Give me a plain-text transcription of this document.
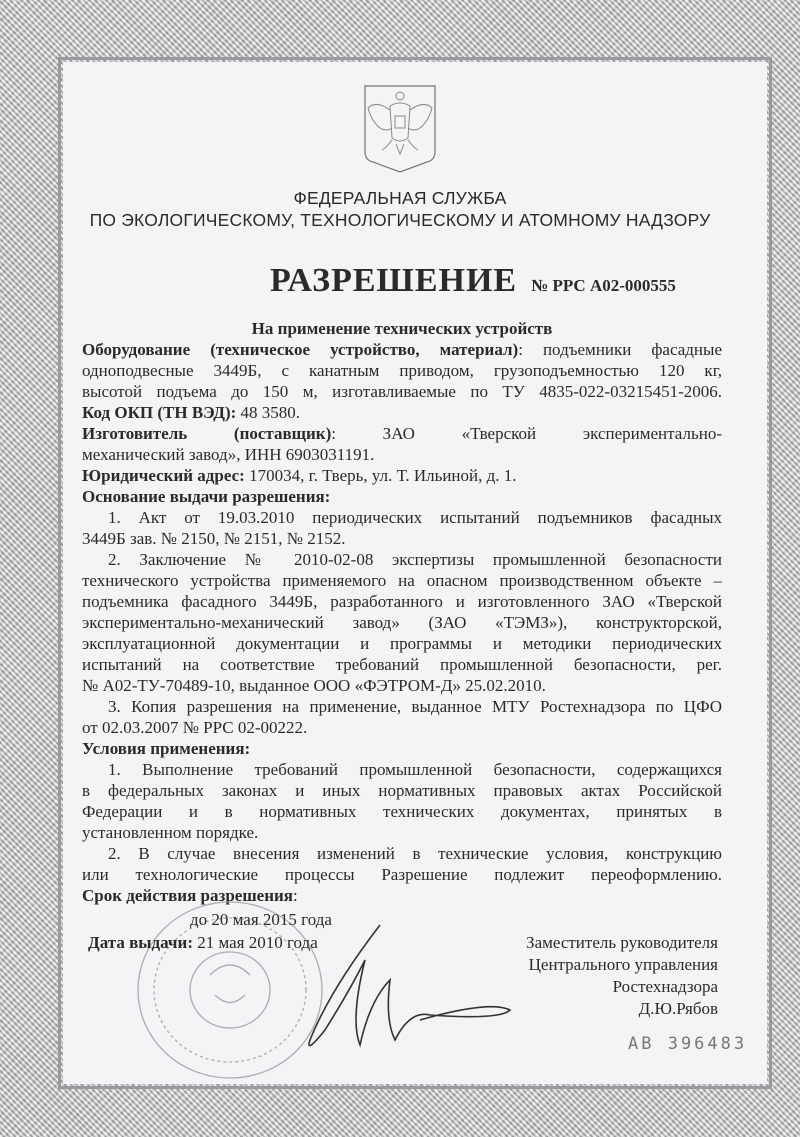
ФЕДЕРАЛЬНАЯ СЛУЖБА
ПО ЭКОЛОГИЧЕСКОМУ, ТЕХНОЛОГИЧЕСКОМУ И АТОМНОМУ НАДЗОРУ
РАЗРЕШЕНИЕ № РРС А02-000555
На применение технических устройств
Оборудование (техническое устройство, материал): подъемники фасадные
одноподвесные 3449Б, с канатным приводом, грузоподъемностью 120 кг,
высотой подъема до 150 м, изготавливаемые по ТУ 4835-022-03215451-2006.
Код ОКП (ТН ВЭД): 48 3580.
Изготовитель (поставщик): ЗАО «Тверской экспериментально-
механический завод», ИНН 6903031191.
Юридический адрес: 170034, г. Тверь, ул. Т. Ильиной, д. 1.
Основание выдачи разрешения:
1. Акт от 19.03.2010 периодических испытаний подъемников фасадных
3449Б зав. № 2150, № 2151, № 2152.
2. Заключение № 2010-02-08 экспертизы промышленной безопасности
технического устройства применяемого на опасном производственном объекте –
подъемника фасадного 3449Б, разработанного и изготовленного ЗАО «Тверской
экспериментально-механический завод» (ЗАО «ТЭМЗ»), конструкторской,
эксплуатационной документации и программы и методики периодических
испытаний на соответствие требований промышленной безопасности, рег.
№ А02-ТУ-70489-10, выданное ООО «ФЭТРОМ-Д» 25.02.2010.
3. Копия разрешения на применение, выданное МТУ Ростехнадзора по ЦФО
от 02.03.2007 № РРС 02-00222.
Условия применения:
1. Выполнение требований промышленной безопасности, содержащихся
в федеральных законах и иных нормативных правовых актах Российской
Федерации и в нормативных технических документах, принятых в
установленном порядке.
2. В случае внесения изменений в технические условия, конструкцию
или технологические процессы Разрешение подлежит переоформлению.
Срок действия разрешения:
до 20 мая 2015 года
Дата выдачи: 21 мая 2010 года	Заместитель руководителя
Центрального управления
Ростехнадзора
Д.Ю.Рябов
АВ 396483
